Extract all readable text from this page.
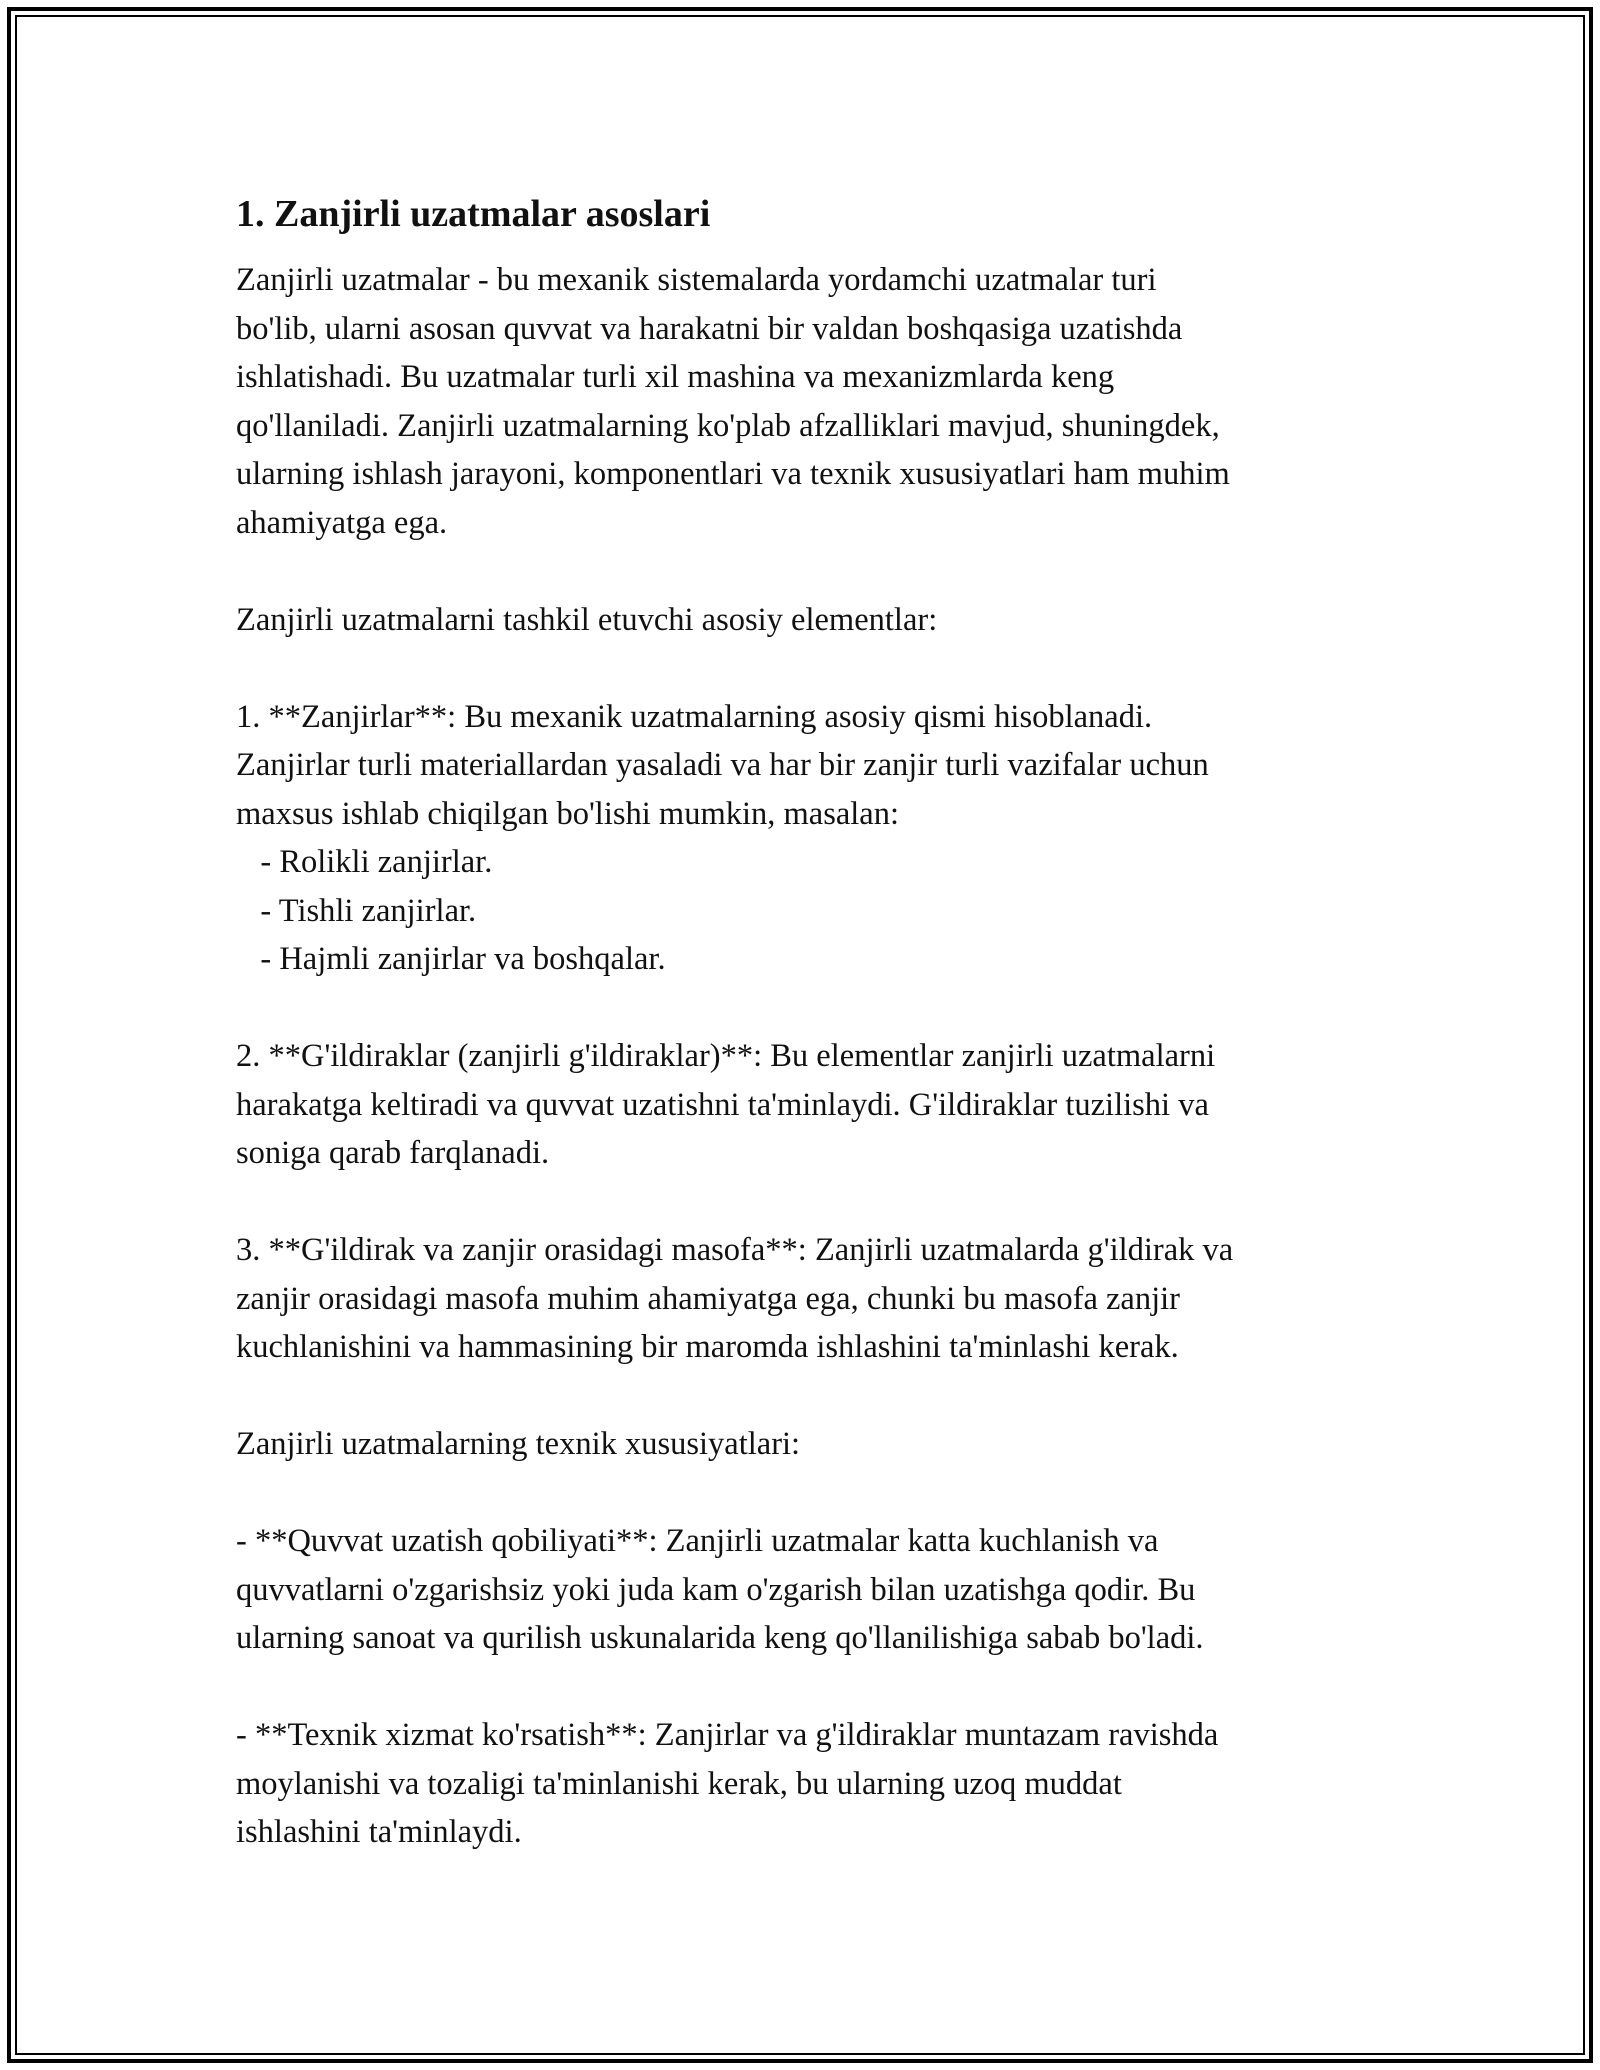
1. Zanjirli uzatmalar asoslari

Zanjirli uzatmalar - bu mexanik sistemalarda yordamchi uzatmalar turi
bo'lib, ularni asosan quvvat va harakatni bir valdan boshqasiga uzatishda
ishlatishadi. Bu uzatmalar turli xil mashina va mexanizmlarda keng
qo'llaniladi. Zanjirli uzatmalarning ko'plab afzalliklari mavjud, shuningdek,
ularning ishlash jarayoni, komponentlari va texnik xususiyatlari ham muhim
ahamiyatga ega.

Zanjirli uzatmalarni tashkil etuvchi asosiy elementlar:

1. **Zanjirlar**: Bu mexanik uzatmalarning asosiy qismi hisoblanadi.
Zanjirlar turli materiallardan yasaladi va har bir zanjir turli vazifalar uchun
maxsus ishlab chiqilgan bo'lishi mumkin, masalan:
- Rolikli zanjirlar.
- Tishli zanjirlar.
- Hajmli zanjirlar va boshqalar.

2. **G'ildiraklar (zanjirli g'ildiraklar)**: Bu elementlar zanjirli uzatmalarni
harakatga keltiradi va quvvat uzatishni ta'minlaydi. G'ildiraklar tuzilishi va
soniga qarab farqlanadi.

3. **G'ildirak va zanjir orasidagi masofa**: Zanjirli uzatmalarda g'ildirak va
zanjir orasidagi masofa muhim ahamiyatga ega, chunki bu masofa zanjir
kuchlanishini va hammasining bir maromda ishlashini ta'minlashi kerak.

Zanjirli uzatmalarning texnik xususiyatlari:

- **Quvvat uzatish qobiliyati**: Zanjirli uzatmalar katta kuchlanish va
quvvatlarni o'zgarishsiz yoki juda kam o'zgarish bilan uzatishga qodir. Bu
ularning sanoat va qurilish uskunalarida keng qo'llanilishiga sabab bo'ladi.

- **Texnik xizmat ko'rsatish**: Zanjirlar va g'ildiraklar muntazam ravishda
moylanishi va tozaligi ta'minlanishi kerak, bu ularning uzoq muddat
ishlashini ta'minlaydi.
